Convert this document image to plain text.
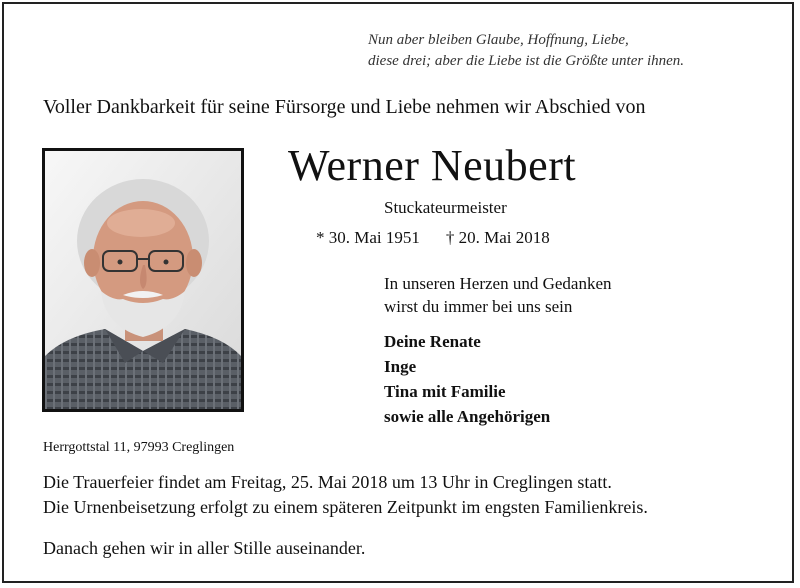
Nun aber bleiben Glaube, Hoffnung, Liebe,
diese drei; aber die Liebe ist die Größte unter ihnen.
Voller Dankbarkeit für seine Fürsorge und Liebe nehmen wir Abschied von
Werner Neubert
Stuckateurmeister
* 30. Mai 1951 † 20. Mai 2018
In unseren Herzen und Gedanken
wirst du immer bei uns sein
Deine Renate
Inge
Tina mit Familie
sowie alle Angehörigen
Herrgottstal 11, 97993 Creglingen
Die Trauerfeier findet am Freitag, 25. Mai 2018 um 13 Uhr in Creglingen statt.
Die Urnenbeisetzung erfolgt zu einem späteren Zeitpunkt im engsten Familienkreis.
Danach gehen wir in aller Stille auseinander.
